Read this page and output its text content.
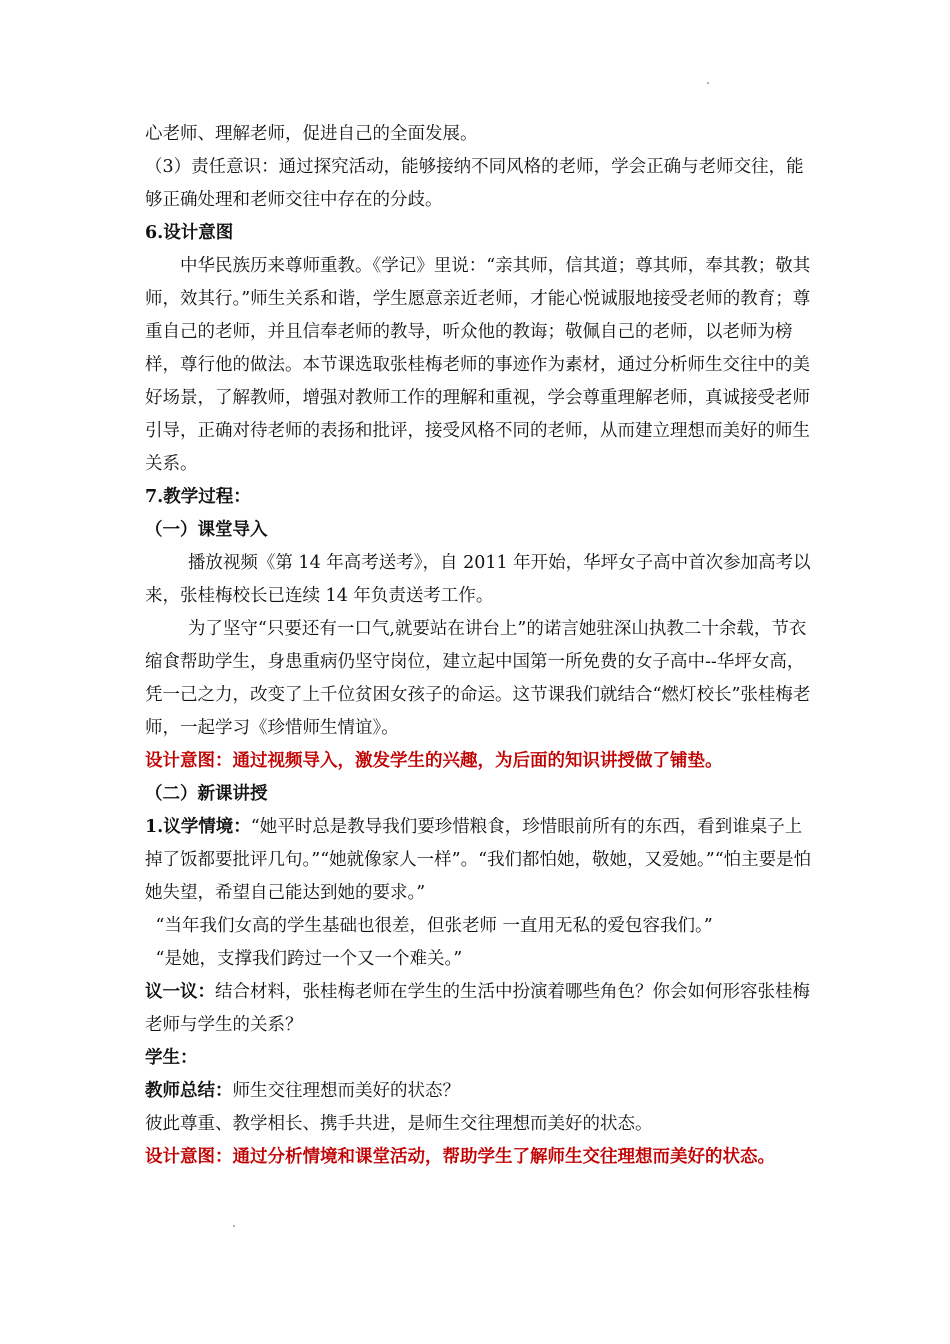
心老师、理解老师，促进自己的全面发展。

（3）责任意识：通过探究活动，能够接纳不同风格的老师，学会正确与老师交往，能够正确处理和老师交往中存在的分歧。

6.设计意图

中华民族历来尊师重教。《学记》里说：“亲其师，信其道；尊其师，奉其教；敬其师，效其行。”师生关系和谐，学生愿意亲近老师，才能心悦诚服地接受老师的教育；尊重自己的老师，并且信奉老师的教导，听众他的教诲；敬佩自己的老师，以老师为榜样，尊行他的做法。本节课选取张桂梅老师的事迹作为素材，通过分析师生交往中的美好场景，了解教师，增强对教师工作的理解和重视，学会尊重理解老师，真诚接受老师引导，正确对待老师的表扬和批评，接受风格不同的老师，从而建立理想而美好的师生关系。

7.教学过程：

（一）课堂导入

播放视频《第 14 年高考送考》，自 2011 年开始，华坪女子高中首次参加高考以来，张桂梅校长已连续 14 年负责送考工作。

为了坚守“只要还有一口气,就要站在讲台上”的诺言她驻深山执教二十余载，节衣缩食帮助学生，身患重病仍坚守岗位，建立起中国第一所免费的女子高中--华坪女高，凭一己之力，改变了上千位贫困女孩子的命运。这节课我们就结合“燃灯校长”张桂梅老师，一起学习《珍惜师生情谊》。

设计意图：通过视频导入，激发学生的兴趣，为后面的知识讲授做了铺垫。

（二）新课讲授

1.议学情境：“她平时总是教导我们要珍惜粮食，珍惜眼前所有的东西，看到谁桌子上掉了饭都要批评几句。”“她就像家人一样”。“我们都怕她，敬她，又爱她。”“怕主要是怕她失望，希望自己能达到她的要求。”

“当年我们女高的学生基础也很差，但张老师 一直用无私的爱包容我们。”

“是她，支撑我们跨过一个又一个难关。”

议一议：结合材料，张桂梅老师在学生的生活中扮演着哪些角色？你会如何形容张桂梅老师与学生的关系？

学生：

教师总结：师生交往理想而美好的状态？

彼此尊重、教学相长、携手共进，是师生交往理想而美好的状态。

设计意图：通过分析情境和课堂活动，帮助学生了解师生交往理想而美好的状态。
